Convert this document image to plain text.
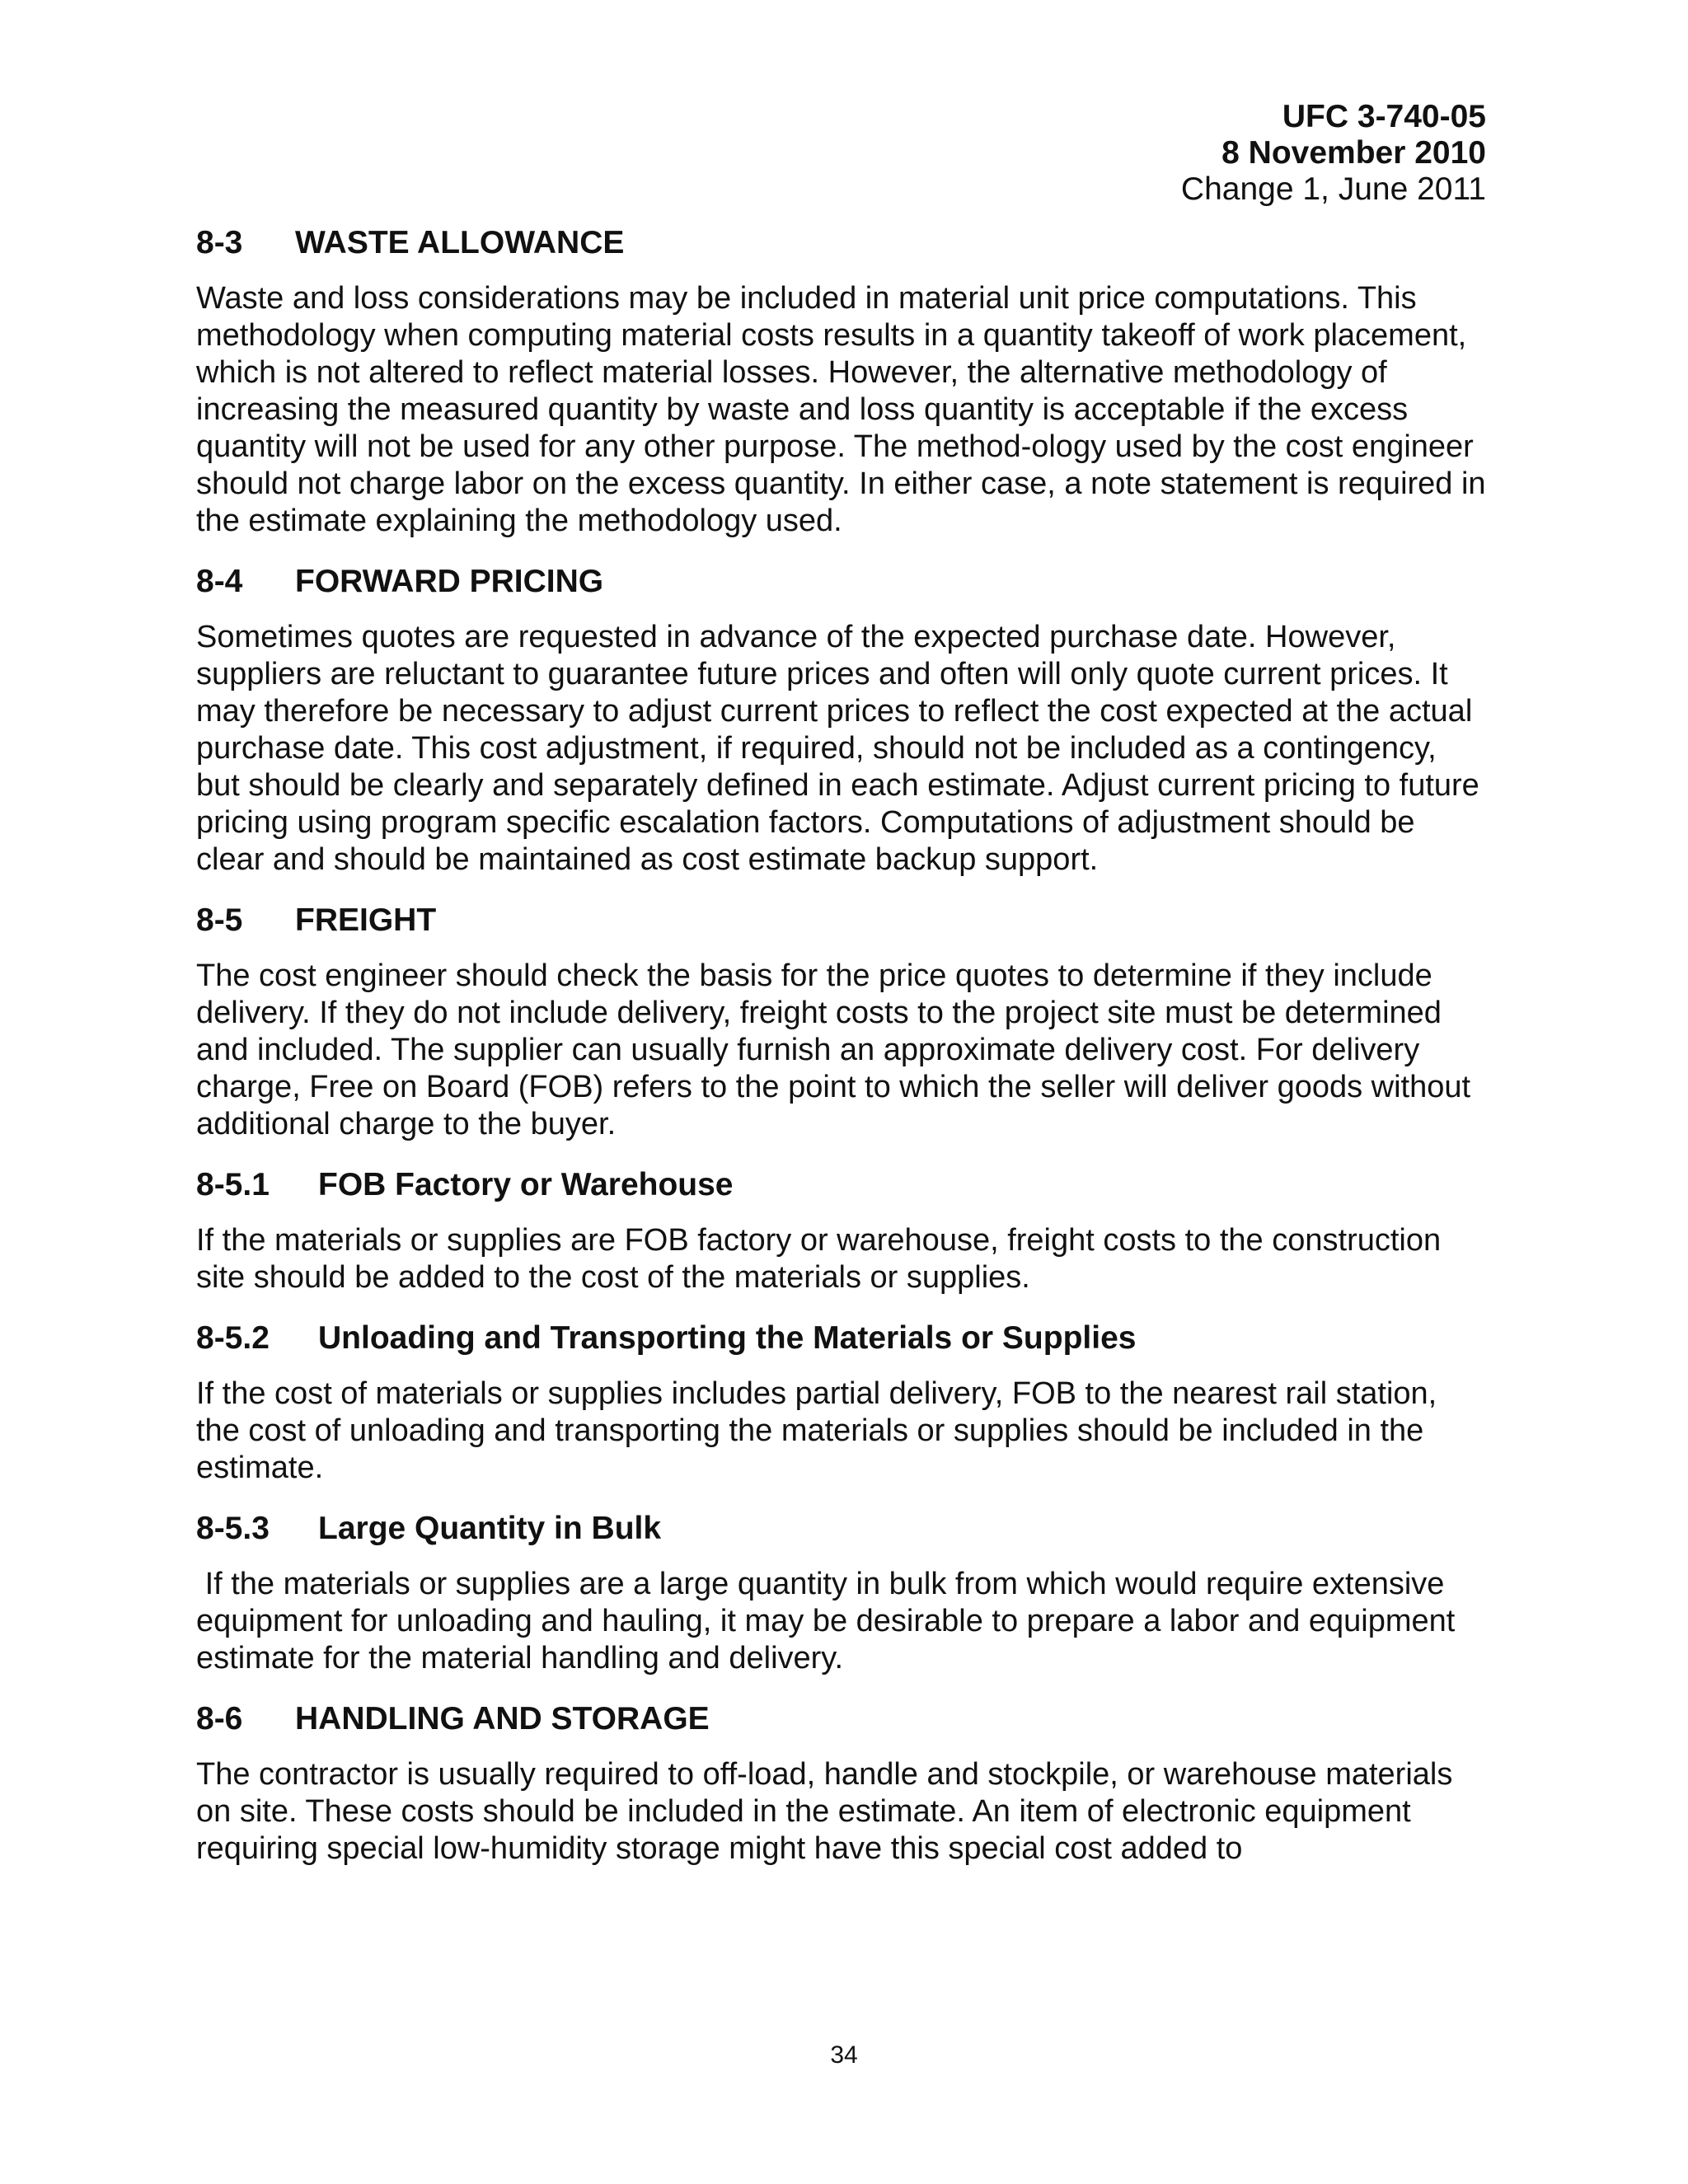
UFC 3-740-05
8 November 2010
Change 1, June 2011
8-3 WASTE ALLOWANCE

Waste and loss considerations may be included in material unit price computations. This methodology when computing material costs results in a quantity takeoff of work placement, which is not altered to reflect material losses. However, the alternative methodology of increasing the measured quantity by waste and loss quantity is acceptable if the excess quantity will not be used for any other purpose. The method-ology used by the cost engineer should not charge labor on the excess quantity. In either case, a note statement is required in the estimate explaining the methodology used.

8-4 FORWARD PRICING

Sometimes quotes are requested in advance of the expected purchase date. However, suppliers are reluctant to guarantee future prices and often will only quote current prices. It may therefore be necessary to adjust current prices to reflect the cost expected at the actual purchase date. This cost adjustment, if required, should not be included as a contingency, but should be clearly and separately defined in each estimate. Adjust current pricing to future pricing using program specific escalation factors. Computations of adjustment should be clear and should be maintained as cost estimate backup support.

8-5 FREIGHT

The cost engineer should check the basis for the price quotes to determine if they include delivery. If they do not include delivery, freight costs to the project site must be determined and included. The supplier can usually furnish an approximate delivery cost. For delivery charge, Free on Board (FOB) refers to the point to which the seller will deliver goods without additional charge to the buyer.

8-5.1 FOB Factory or Warehouse

If the materials or supplies are FOB factory or warehouse, freight costs to the construction site should be added to the cost of the materials or supplies.

8-5.2 Unloading and Transporting the Materials or Supplies

If the cost of materials or supplies includes partial delivery, FOB to the nearest rail station, the cost of unloading and transporting the materials or supplies should be included in the estimate.

8-5.3 Large Quantity in Bulk

If the materials or supplies are a large quantity in bulk from which would require extensive equipment for unloading and hauling, it may be desirable to prepare a labor and equipment estimate for the material handling and delivery.

8-6 HANDLING AND STORAGE

The contractor is usually required to off-load, handle and stockpile, or warehouse materials on site. These costs should be included in the estimate. An item of electronic equipment requiring special low-humidity storage might have this special cost added to

34
